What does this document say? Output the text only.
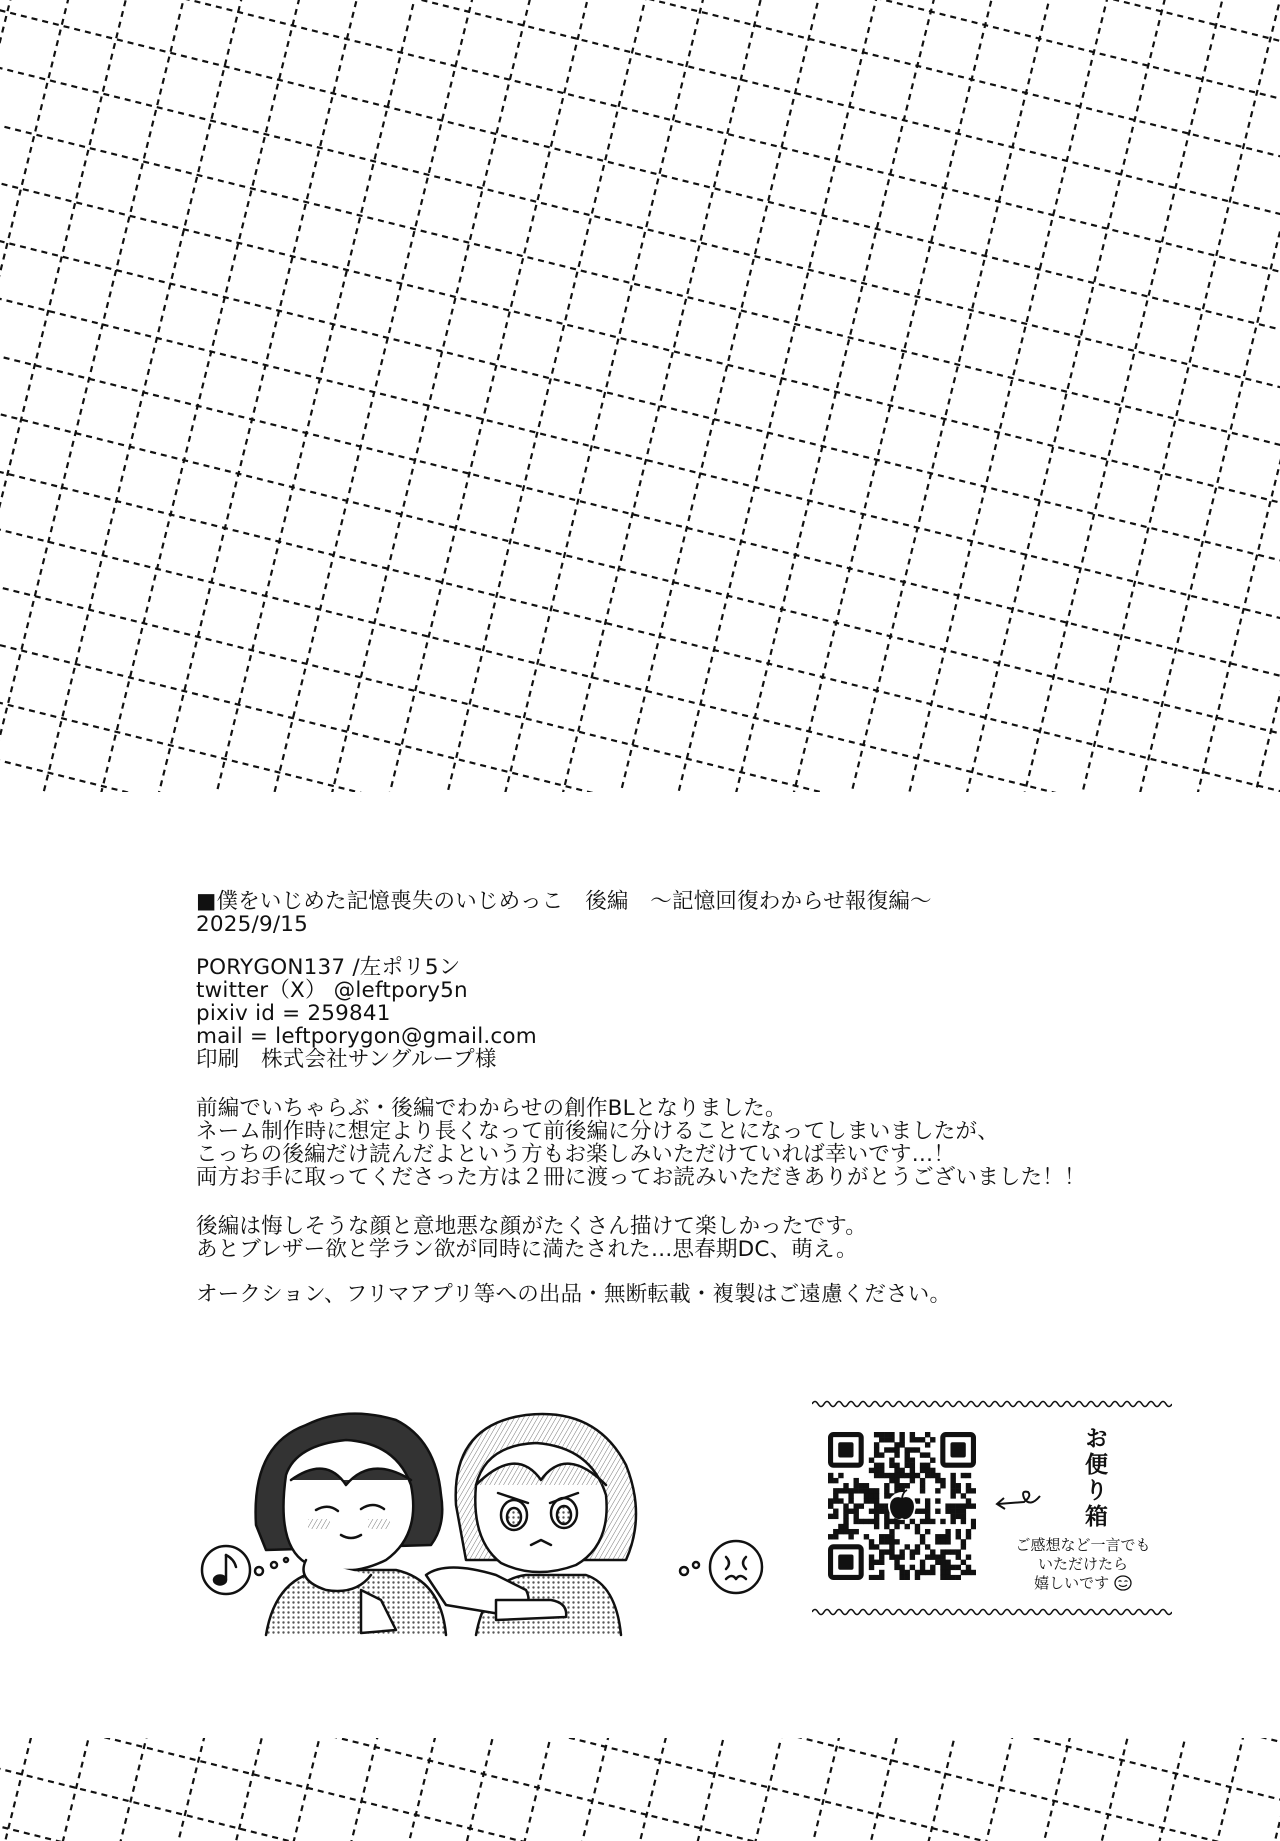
■僕をいじめた記憶喪失のいじめっこ　後編　～記憶回復わからせ報復編～

2025/9/15

PORYGON137 /左ポリ5ン

twitter（X） @leftpory5n

pixiv id = 259841

mail = leftporygon@gmail.com

印刷　株式会社サングループ様

前編でいちゃらぶ・後編でわからせの創作BLとなりました。

ネーム制作時に想定より長くなって前後編に分けることになってしまいましたが、

こっちの後編だけ読んだよという方もお楽しみいただけていれば幸いです…！

両方お手に取ってくださった方は２冊に渡ってお読みいただきありがとうございました！！

後編は悔しそうな顔と意地悪な顔がたくさん描けて楽しかったです。

あとブレザー欲と学ラン欲が同時に満たされた…思春期DC、萌え。

オークション、フリマアプリ等への出品・無断転載・複製はご遠慮ください。

お便り箱
ご感想など一言でも
いただけたら
嬉しいです
